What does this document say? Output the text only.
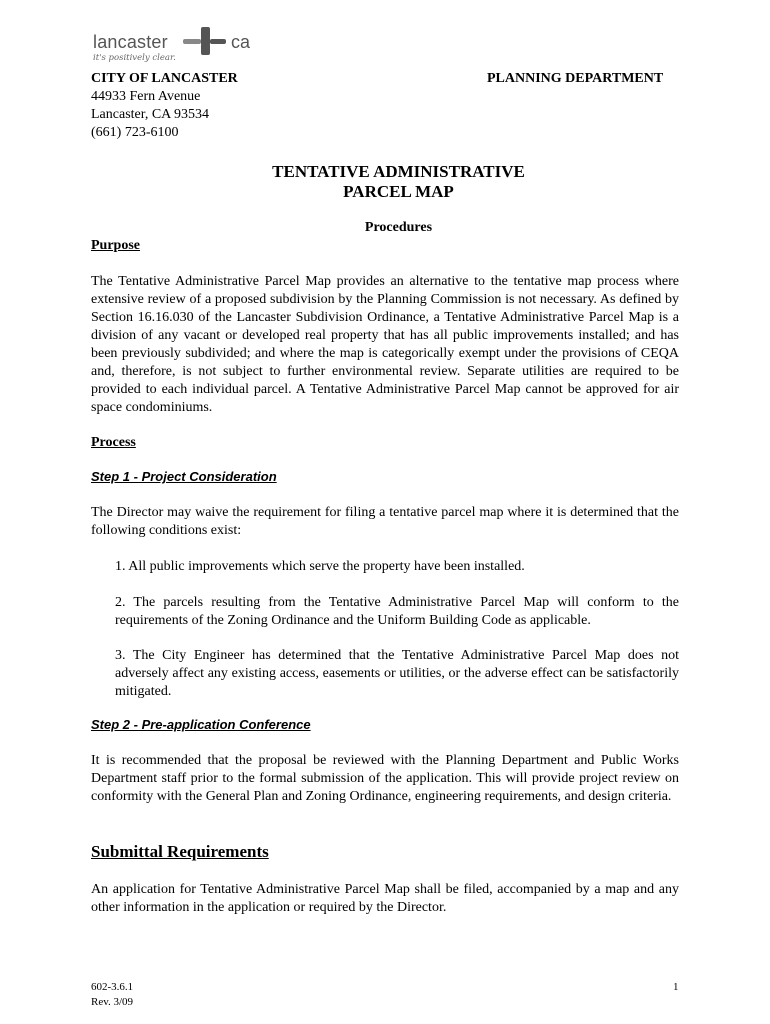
lancaster	ca
it's positively clear.
CITY OF LANCASTER	PLANNING DEPARTMENT
44933 Fern Avenue
Lancaster, CA 93534
(661) 723-6100
TENTATIVE ADMINISTRATIVE
PARCEL MAP
Procedures
Purpose
The Tentative Administrative Parcel Map provides an alternative to the tentative map process where extensive review of a proposed subdivision by the Planning Commission is not necessary. As defined by Section 16.16.030 of the Lancaster Subdivision Ordinance, a Tentative Administrative Parcel Map is a division of any vacant or developed real property that has all public improvements installed; and has been previously subdivided; and where the map is categorically exempt under the provisions of CEQA and, therefore, is not subject to further environmental review. Separate utilities are required to be provided to each individual parcel. A Tentative Administrative Parcel Map cannot be approved for air space condominiums.
Process
Step 1 - Project Consideration
The Director may waive the requirement for filing a tentative parcel map where it is determined that the following conditions exist:
1. All public improvements which serve the property have been installed.
2. The parcels resulting from the Tentative Administrative Parcel Map will conform to the requirements of the Zoning Ordinance and the Uniform Building Code as applicable.
3. The City Engineer has determined that the Tentative Administrative Parcel Map does not adversely affect any existing access, easements or utilities, or the adverse effect can be satisfactorily mitigated.
Step 2 - Pre-application Conference
It is recommended that the proposal be reviewed with the Planning Department and Public Works Department staff prior to the formal submission of the application. This will provide project review on conformity with the General Plan and Zoning Ordinance, engineering requirements, and design criteria.
Submittal Requirements
An application for Tentative Administrative Parcel Map shall be filed, accompanied by a map and any other information in the application or required by the Director.
602-3.6.1
Rev. 3/09
1
